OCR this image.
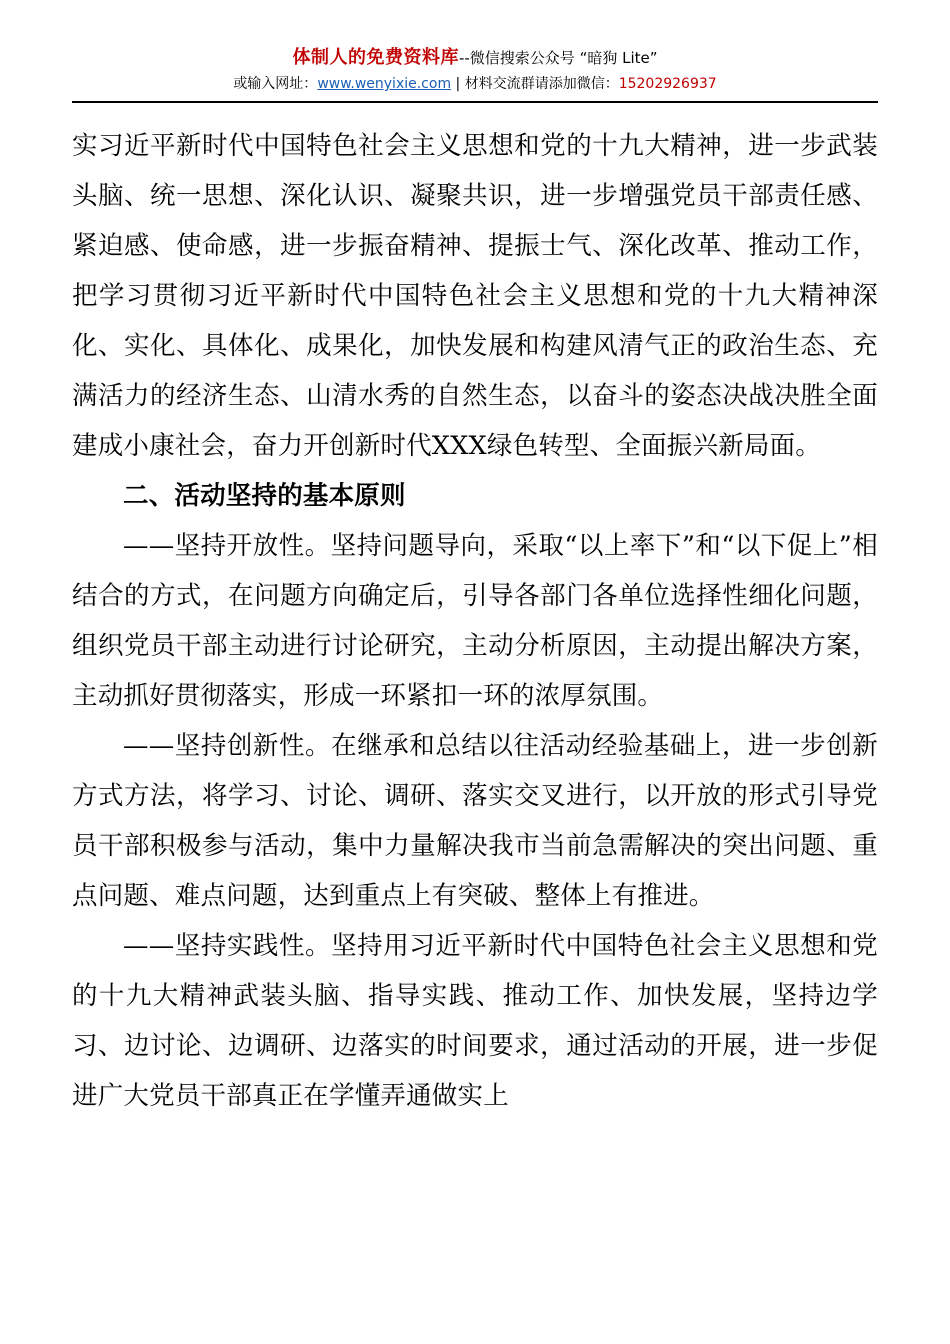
体制人的免费资料库--微信搜索公众号 “暗狗 Lite”
或输入网址：www.wenyixie.com | 材料交流群请添加微信：15202926937

实习近平新时代中国特色社会主义思想和党的十九大精神，进一步武装头脑、统一思想、深化认识、凝聚共识，进一步增强党员干部责任感、紧迫感、使命感，进一步振奋精神、提振士气、深化改革、推动工作，把学习贯彻习近平新时代中国特色社会主义思想和党的十九大精神深化、实化、具体化、成果化，加快发展和构建风清气正的政治生态、充满活力的经济生态、山清水秀的自然生态，以奋斗的姿态决战决胜全面建成小康社会，奋力开创新时代XXX绿色转型、全面振兴新局面。

二、活动坚持的基本原则

——坚持开放性。坚持问题导向，采取“以上率下”和“以下促上”相结合的方式，在问题方向确定后，引导各部门各单位选择性细化问题，组织党员干部主动进行讨论研究，主动分析原因，主动提出解决方案，主动抓好贯彻落实，形成一环紧扣一环的浓厚氛围。

——坚持创新性。在继承和总结以往活动经验基础上，进一步创新方式方法，将学习、讨论、调研、落实交叉进行，以开放的形式引导党员干部积极参与活动，集中力量解决我市当前急需解决的突出问题、重点问题、难点问题，达到重点上有突破、整体上有推进。

——坚持实践性。坚持用习近平新时代中国特色社会主义思想和党的十九大精神武装头脑、指导实践、推动工作、加快发展，坚持边学习、边讨论、边调研、边落实的时间要求，通过活动的开展，进一步促进广大党员干部真正在学懂弄通做实上
